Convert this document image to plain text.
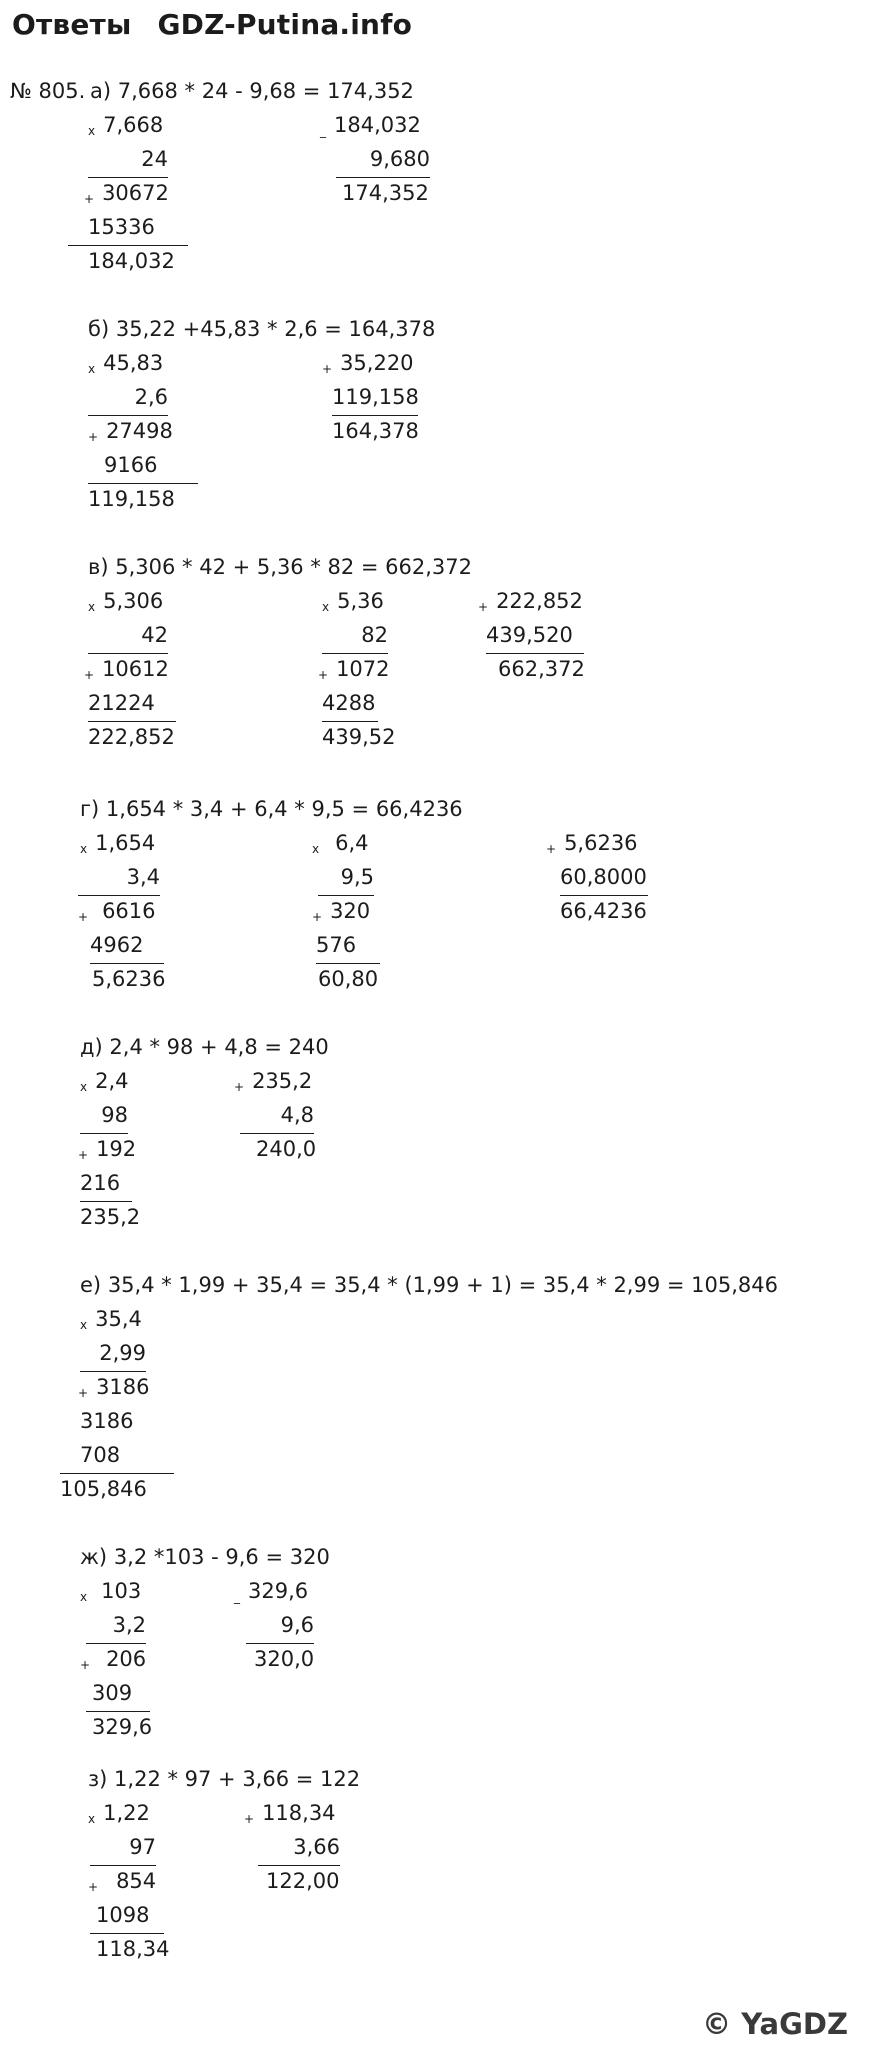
Ответы GDZ-Putina.info
№ 805. а) 7,668 * 24 - 9,68 = 174,352
x 7,668
24
+ 30672
15336
184,032
_ 184,032
9,680
174,352
б) 35,22 +45,83 * 2,6 = 164,378
x 45,83
2,6
+ 27498
9166
119,158
+ 35,220
119,158
164,378
в) 5,306 * 42 + 5,36 * 82 = 662,372
x 5,306
42
+ 10612
21224
222,852
x 5,36
82
+ 1072
4288
439,52
+ 222,852
439,520
662,372
г) 1,654 * 3,4 + 6,4 * 9,5 = 66,4236
x 1,654
3,4
+ 6616
4962
5,6236
x 6,4
9,5
+ 320
576
60,80
+ 5,6236
60,8000
66,4236
д) 2,4 * 98 + 4,8 = 240
x 2,4
98
+ 192
216
235,2
+ 235,2
4,8
240,0
е) 35,4 * 1,99 + 35,4 = 35,4 * (1,99 + 1) = 35,4 * 2,99 = 105,846
x 35,4
2,99
+ 3186
3186
708
105,846
ж) 3,2 *103 - 9,6 = 320
x 103
3,2
+ 206
309
329,6
_ 329,6
9,6
320,0
з) 1,22 * 97 + 3,66 = 122
x 1,22
97
+ 854
1098
118,34
+ 118,34
3,66
122,00
© YaGDZ
